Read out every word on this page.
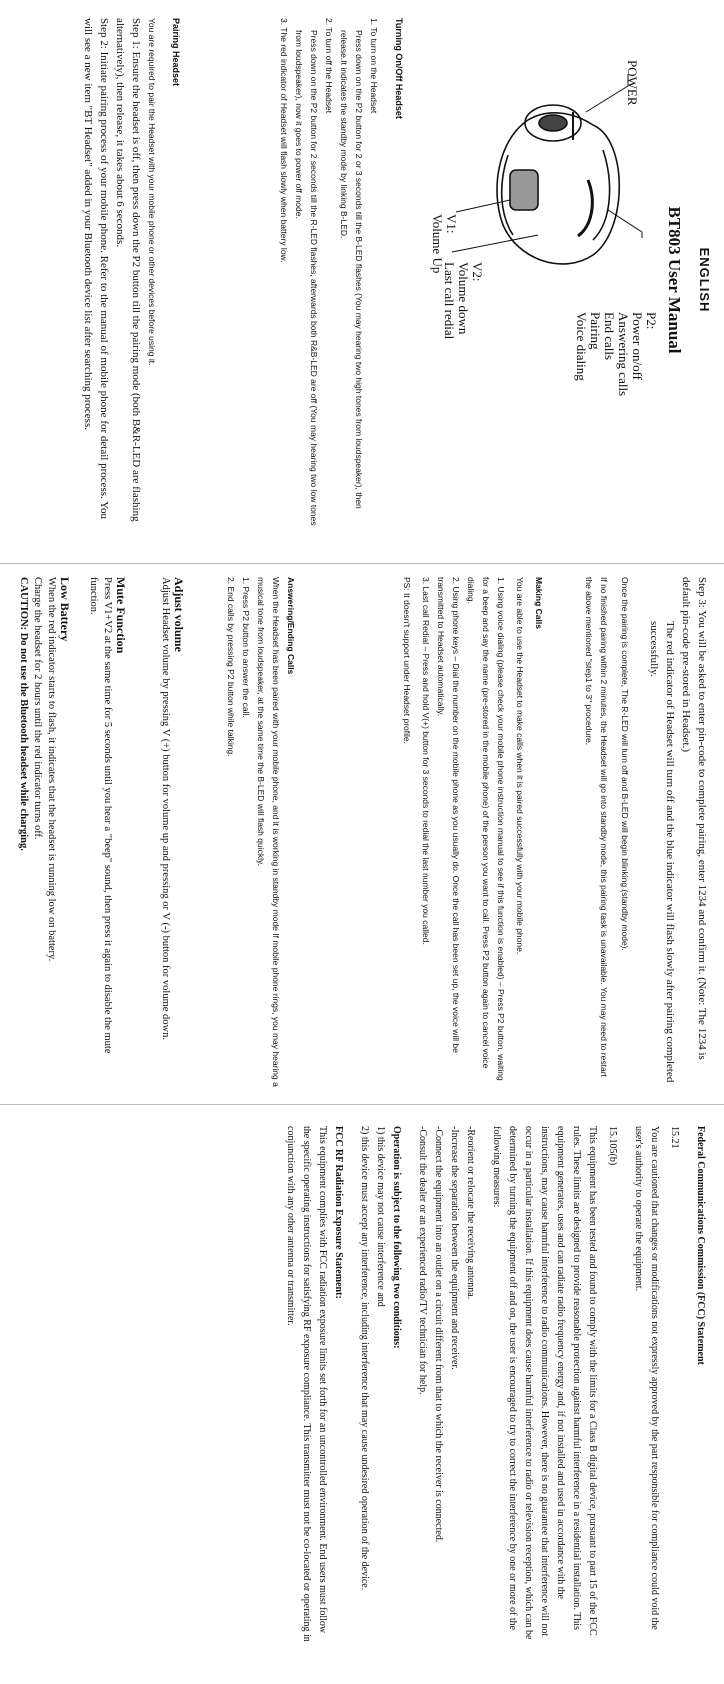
ENGLISH
BT803 User Manual
POWER
P2:
Power on/off
Answering calls
End calls
Pairing
Voice dialing
V1:
Volume Up V2:
Volume down
Last call redial
Turning On/Off Headset
1. To turn on the Headset
Press down on the P2 button for 2 or 3 seconds till the B-LED flashes (You may hearing two high tones from loudspeaker), then release.It indicates the standby mode by linking B-LED.
2. To turn off the Headset
Press down on the P2 button for 2 seconds till the R-LED flashes, afterwards both R&B-LED are off (You may hearing two low tones from loudspeaker), now it goes to power off mode.
3. The red indicator of Headset will flash slowly when battery low.
Pairing Headset
You are required to pair the Headset with your mobile phone or other devices before using it.
Step 1: Ensure the headset is off, then press down the P2 button till the pairing mode (both B&R-LED are flashing alternatively), then release, it takes about 6 seconds.
Step 2: Initiate pairing process of your mobile phone. Refer to the manual of mobile phone for detail process. You will see a new item "BT Headset" added in your Bluetooth device list after searching process.
Step 3: You will be asked to enter pin-code to complete pairing, enter 1234 and confirm it. (Note: The 1234 is default pin-code pre-stored in Headset.)
The red indicator of Headset will turn off and the blue indicator will flash slowly after pairing completed successfully.
Once the pairing is complete, The R-LED will turn off and B-LED will begin blinking (standby mode).
If no finished pairing within 2 minutes, the Headset will go into standby mode, this pairing task is unavailable. You may need to restart the above mentioned "step1 to 3" procedure.
Making Calls
You are able to use the Headset to make calls when it is paired successfully with your mobile phone.
1. Using voice dialing (please check your mobile phone instruction manual to see if this function is enabled) – Press P2 button, waiting for a beep and say the name (pre-stored in the mobile phone) of the person you want to call. Press P2 button again to cancel voice dialing.
2. Using phone keys – Dial the number on the mobile phone as you usually do. Once the call has been set up, the voice will be transmitted to Headset automatically.
3. Last call Redial – Press and hold V(+) button for 3 seconds to redial the last number you called.
PS: It doesn't support under Headset profile.
Answering/Ending Calls
When the Headset has been paired with your mobile phone, and it is working in standby mode If mobile phone rings, you may hearing a musical tone from loudspeaker, at the same time the B-LED will flash quickly.
1. Press P2 button to answer the call.
2. End calls by pressing P2 button while talking.
Adjust volume
Adjust Headset volume by pressing V (+) button for volume up and pressing or V (-) button for volume down.
Mute Function
Press V1+V2 at the same time for 5 seconds until you hear a "beep" sound, then press it again to disable the mute function.
Low Battery
When the red indicator starts to flash, it indicates that the headset is running low on battery.
Charge the headset for 2 hours until the red indicator turns off.
CAUTION: Do not use the Bluetooth headset while charging.
Federal Communications Commission (FCC) Statement
15.21
You are cautioned that changes or modifications not expressly approved by the part responsible for compliance could void the user's authority to operate the equipment.
15.105(b)
This equipment has been tested and found to comply with the limits for a Class B digital device, pursuant to part 15 of the FCC rules. These limits are designed to provide reasonable protection against harmful interference in a residential installation. This equipment generates, uses and can radiate radio frequency energy and, if not installed and used in accordance with the instructions, may cause harmful interference to radio communications. However, there is no guarantee that interference will not occur in a particular installation. If this equipment does cause harmful interference to radio or television reception, which can be determined by turning the equipment off and on, the user is encouraged to try to correct the interference by one or more of the following measures:
-Reorient or relocate the receiving antenna.
-Increase the separation between the equipment and receiver.
-Connect the equipment into an outlet on a circuit different from that to which the receiver is connected.
-Consult the dealer or an experienced radio/TV technician for help.
Operation is subject to the following two conditions:
1) this device may not cause interference and
2) this device must accept any interference, including interference that may cause undesired operation of the device.
FCC RF Radiation Exposure Statement:
This equipment complies with FCC radiation exposure limits set forth for an uncontrolled environment. End users must follow the specific operating instructions for satisfying RF exposure compliance. This transmitter must not be co-located or operating in conjunction with any other antenna or transmitter.
